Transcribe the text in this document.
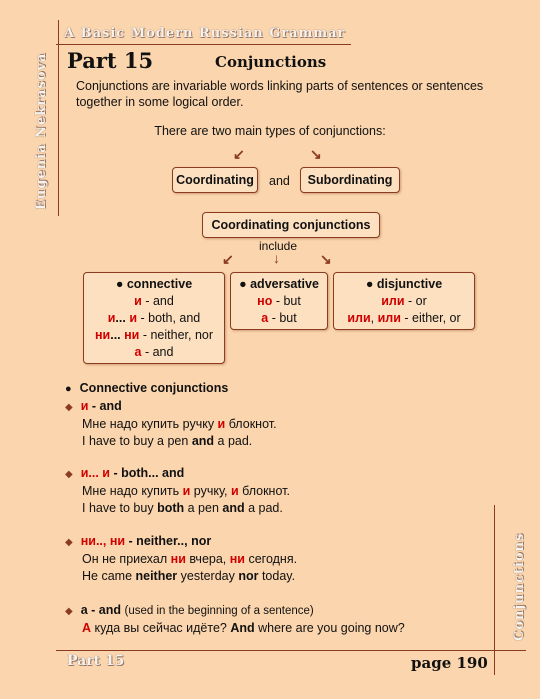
A Basic Modern Russian Grammar
Eugenia Nekrasova Part 15	Conjunctions
Conjunctions are invariable words linking parts of sentences or sentences together in some logical order.
There are two main types of conjunctions:
↙	↘
Coordinating	and	Subordinating
Coordinating conjunctions
include
↙	↓	↘
● connective
и - and
и... и - both, and
ни... ни - neither, nor
а - and
● adversative
но - but
а - but
● disjunctive
или - or
или, или - either, or
● Connective conjunctions
◆ и - and
Мне надо купить ручку и блокнот.
I have to buy a pen and a pad.
◆ и... и - both... and
Мне надо купить и ручку, и блокнот.
I have to buy both a pen and a pad.
◆ ни.., ни - neither.., nor
Он не приехал ни вчера, ни сегодня.
He came neither yesterday nor today.
◆ а - and (used in the beginning of a sentence)
А куда вы сейчас идёте? And where are you going now?
Part 15	page 190
Conjunctions
